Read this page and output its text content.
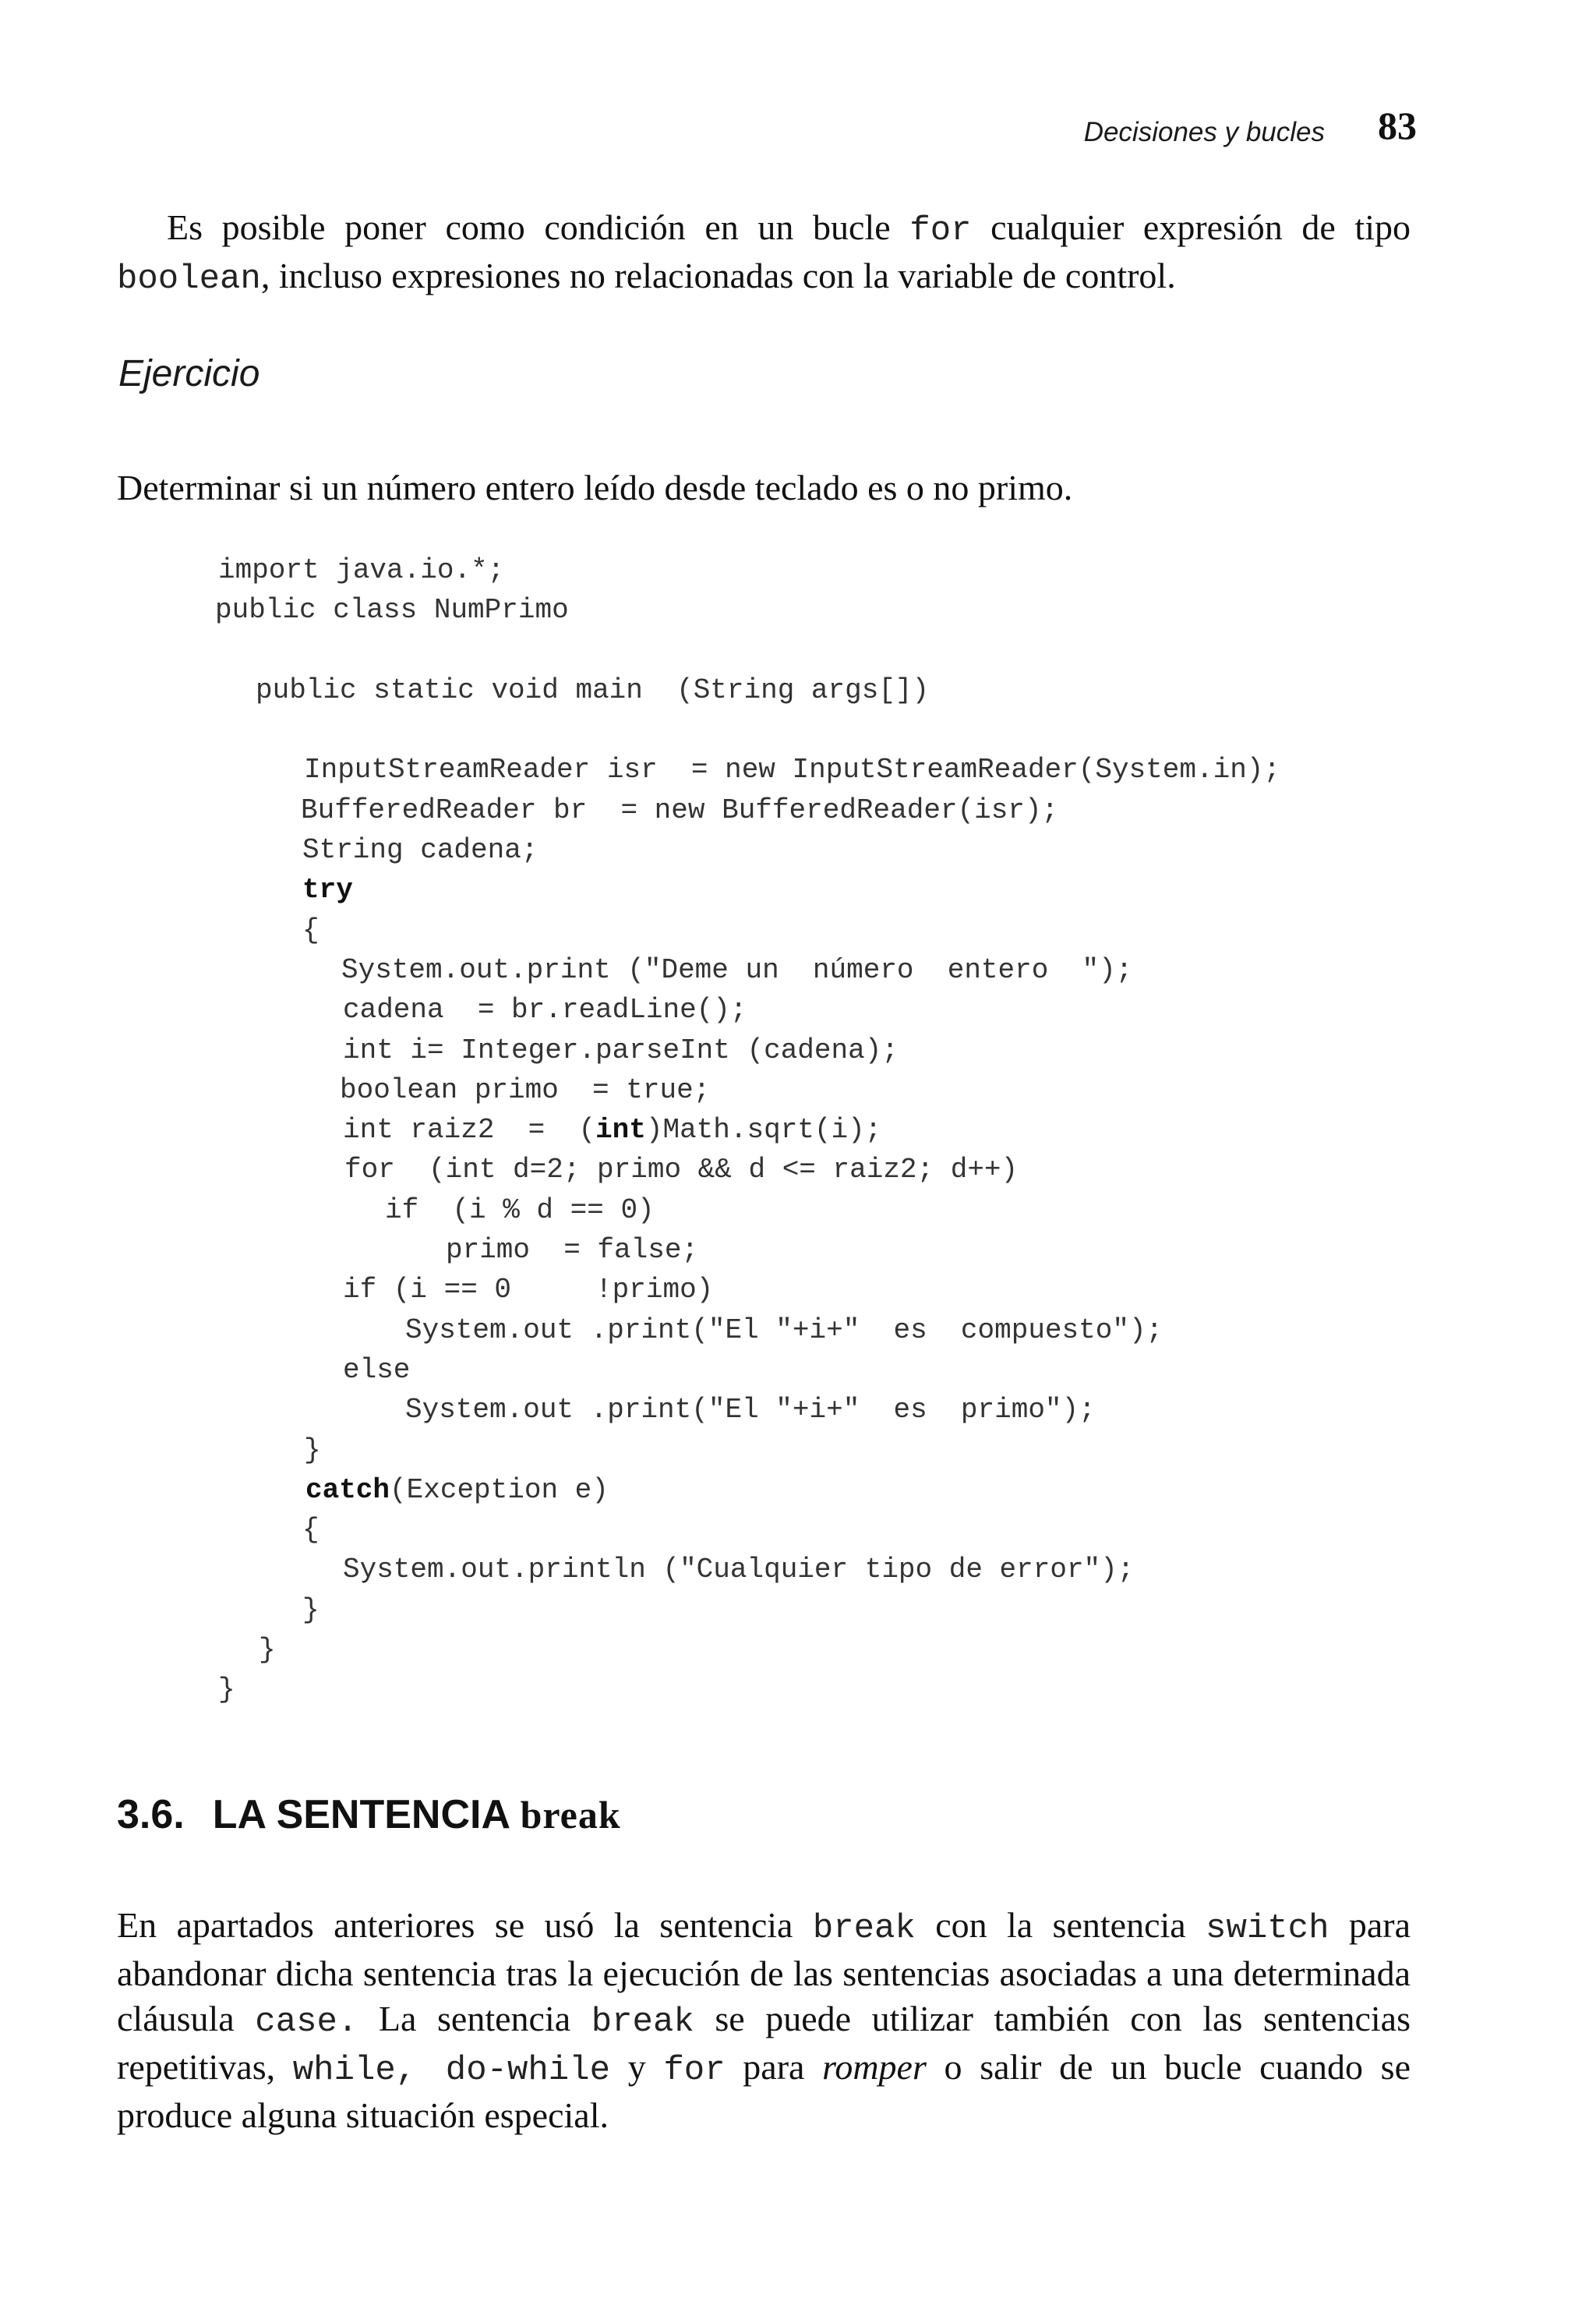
Decisiones y bucles 83

Es posible poner como condición en un bucle for cualquier expresión de tipo boolean, incluso expresiones no relacionadas con la variable de control.

Ejercicio

Determinar si un número entero leído desde teclado es o no primo.

import java.io.*;
public class NumPrimo
public static void main  (String args[])
InputStreamReader isr  = new InputStreamReader(System.in);
BufferedReader br  = new BufferedReader(isr);
String cadena;
try
{
System.out.print ("Deme un  número  entero  ");
cadena  = br.readLine();
int i= Integer.parseInt (cadena);
boolean primo  = true;
int raiz2  =  (int)Math.sqrt(i);
for  (int d=2; primo && d <= raiz2; d++)
if  (i % d == 0)
primo  = false;
if (i == 0     !primo)
System.out .print("El "+i+"  es  compuesto");
else
System.out .print("El "+i+"  es  primo");
}
catch(Exception e)
{
System.out.println ("Cualquier tipo de error");
}
}
}
3.6. LA SENTENCIA break

En apartados anteriores se usó la sentencia break con la sentencia switch para abandonar dicha sentencia tras la ejecución de las sentencias asociadas a una determinada cláusula case. La sentencia break se puede utilizar también con las sentencias repetitivas, while, do-while y for para romper o salir de un bucle cuando se produce alguna situación especial.
